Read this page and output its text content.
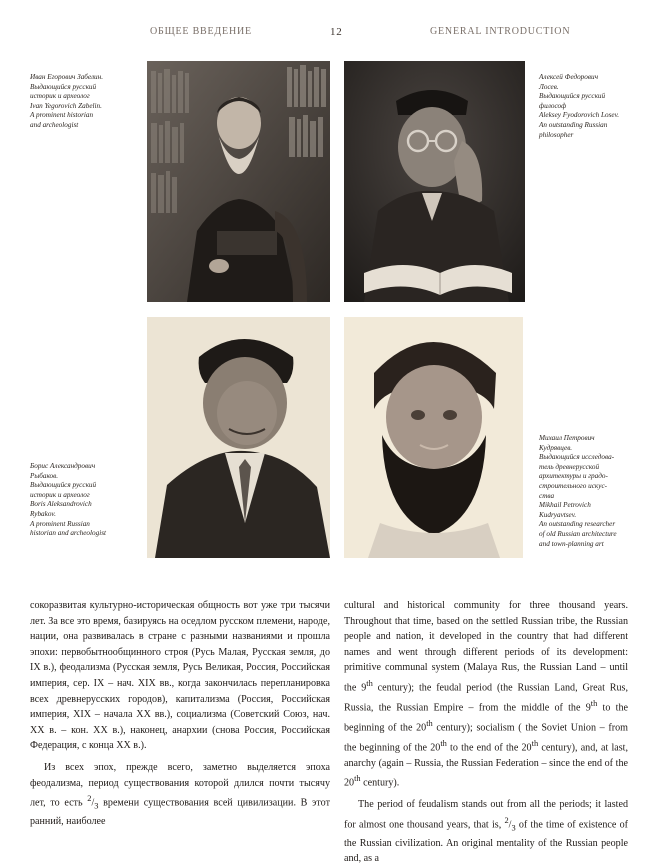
ОБЩЕЕ ВВЕДЕНИЕ	12	GENERAL INTRODUCTION
Иван Егорович Забелин.
Выдающийся русский
историк и археолог
Ivan Yegorovich Zabelin.
A prominent historian
and archeologist
Алексей Федорович
Лосев.
Выдающийся русский
философ
Aleksey Fyodorovich Losev.
An outstanding Russian
philosopher
Борис Александрович
Рыбаков.
Выдающийся русский
историк и археолог
Boris Aleksandrovich
Rybakov.
A prominent Russian
historian and archeologist
Михаил Петрович
Кудрявцев.
Выдающийся исследова-
тель древнерусской
архитектуры и градо-
строительного искус-
ства
Mikhail Petrovich
Kudryavtsev.
An outstanding researcher
of old Russian architecture
and town-planning art

сокоразвитая культурно-историческая общность вот уже три тысячи лет. За все это время, базируясь на оседлом русском племени, народе, нации, она развивалась в стране с разными названиями и прошла эпохи: первобытнообщинного строя (Русь Малая, Русская земля, до IX в.), феодализма (Русская земля, Русь Великая, Россия, Российская империя, сер. IX – нач. XIX вв., когда закончилась перепланировка всех древнерусских городов), капитализма (Россия, Российская империя, XIX – начала XX вв.), социализма (Советский Союз, нач. XX в. – кон. XX в.), наконец, анархии (снова Россия, Российская Федерация, с конца XX в.).

Из всех эпох, прежде всего, заметно выделяется эпоха феодализма, период существования которой длился почти тысячу лет, то есть $^2/_3$ времени существования всей цивилизации. В этот ранний, наиболее

cultural and historical community for three thousand years. Throughout that time, based on the settled Russian tribe, the Russian people and nation, it developed in the country that had different names and went through different periods of its development: primitive communal system (Malaya Rus, the Russian Land – until the 9th century); the feudal period (the Russian Land, Great Rus, Russia, the Russian Empire – from the middle of the 9th to the beginning of the 20th century); socialism ( the Soviet Union – from the beginning of the 20th to the end of the 20th century), and, at last, anarchy (again – Russia, the Russian Federation – since the end of the 20th century).

The period of feudalism stands out from all the periods; it lasted for almost one thousand years, that is, $^2/_3$ of the time of existence of the Russian civilization. An original mentality of the Russian people and, as a
